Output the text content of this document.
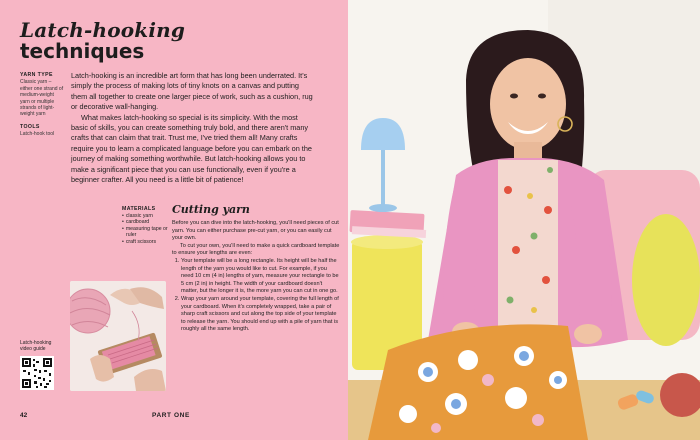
Latch-hooking
techniques
YARN TYPE
Classic yarn – either one strand of medium-weight yarn or multiple strands of light-weight yarn
TOOLS
Latch-hook tool

Latch-hooking is an incredible art form that has long been underrated. It's simply the process of making lots of tiny knots on a canvas and putting them all together to create one larger piece of work, such as a cushion, rug or decorative wall-hanging.

What makes latch-hooking so special is its simplicity. With the most basic of skills, you can create something truly bold, and there aren't many crafts that can claim that trait. Trust me, I've tried them all! Many crafts require you to learn a complicated language before you can embark on the journey of making something worthwhile. But latch-hooking allows you to make a significant piece that you can use functionally, even if you're a beginner crafter. All you need is a little bit of patience!

MATERIALS
• classic yarn
• cardboard
• measuring tape or ruler
• craft scissors
Cutting yarn

Before you can dive into the latch-hooking, you'll need pieces of cut yarn. You can either purchase pre-cut yarn, or you can easily cut your own.

To cut your own, you'll need to make a quick cardboard template to ensure your lengths are even:

1. Your template will be a long rectangle. Its height will be half the length of the yarn you would like to cut. For example, if you need 10 cm (4 in) lengths of yarn, measure your rectangle to be 5 cm (2 in) in height. The width of your cardboard doesn't matter, but the longer it is, the more yarn you can cut in one go.
2. Wrap your yarn around your template, covering the full length of your cardboard. When it's completely wrapped, take a pair of sharp craft scissors and cut along the top side of your template to release the yarn. You should end up with a pile of yarn that is roughly all the same length.
Latch-hooking video guide
42	PART ONE
